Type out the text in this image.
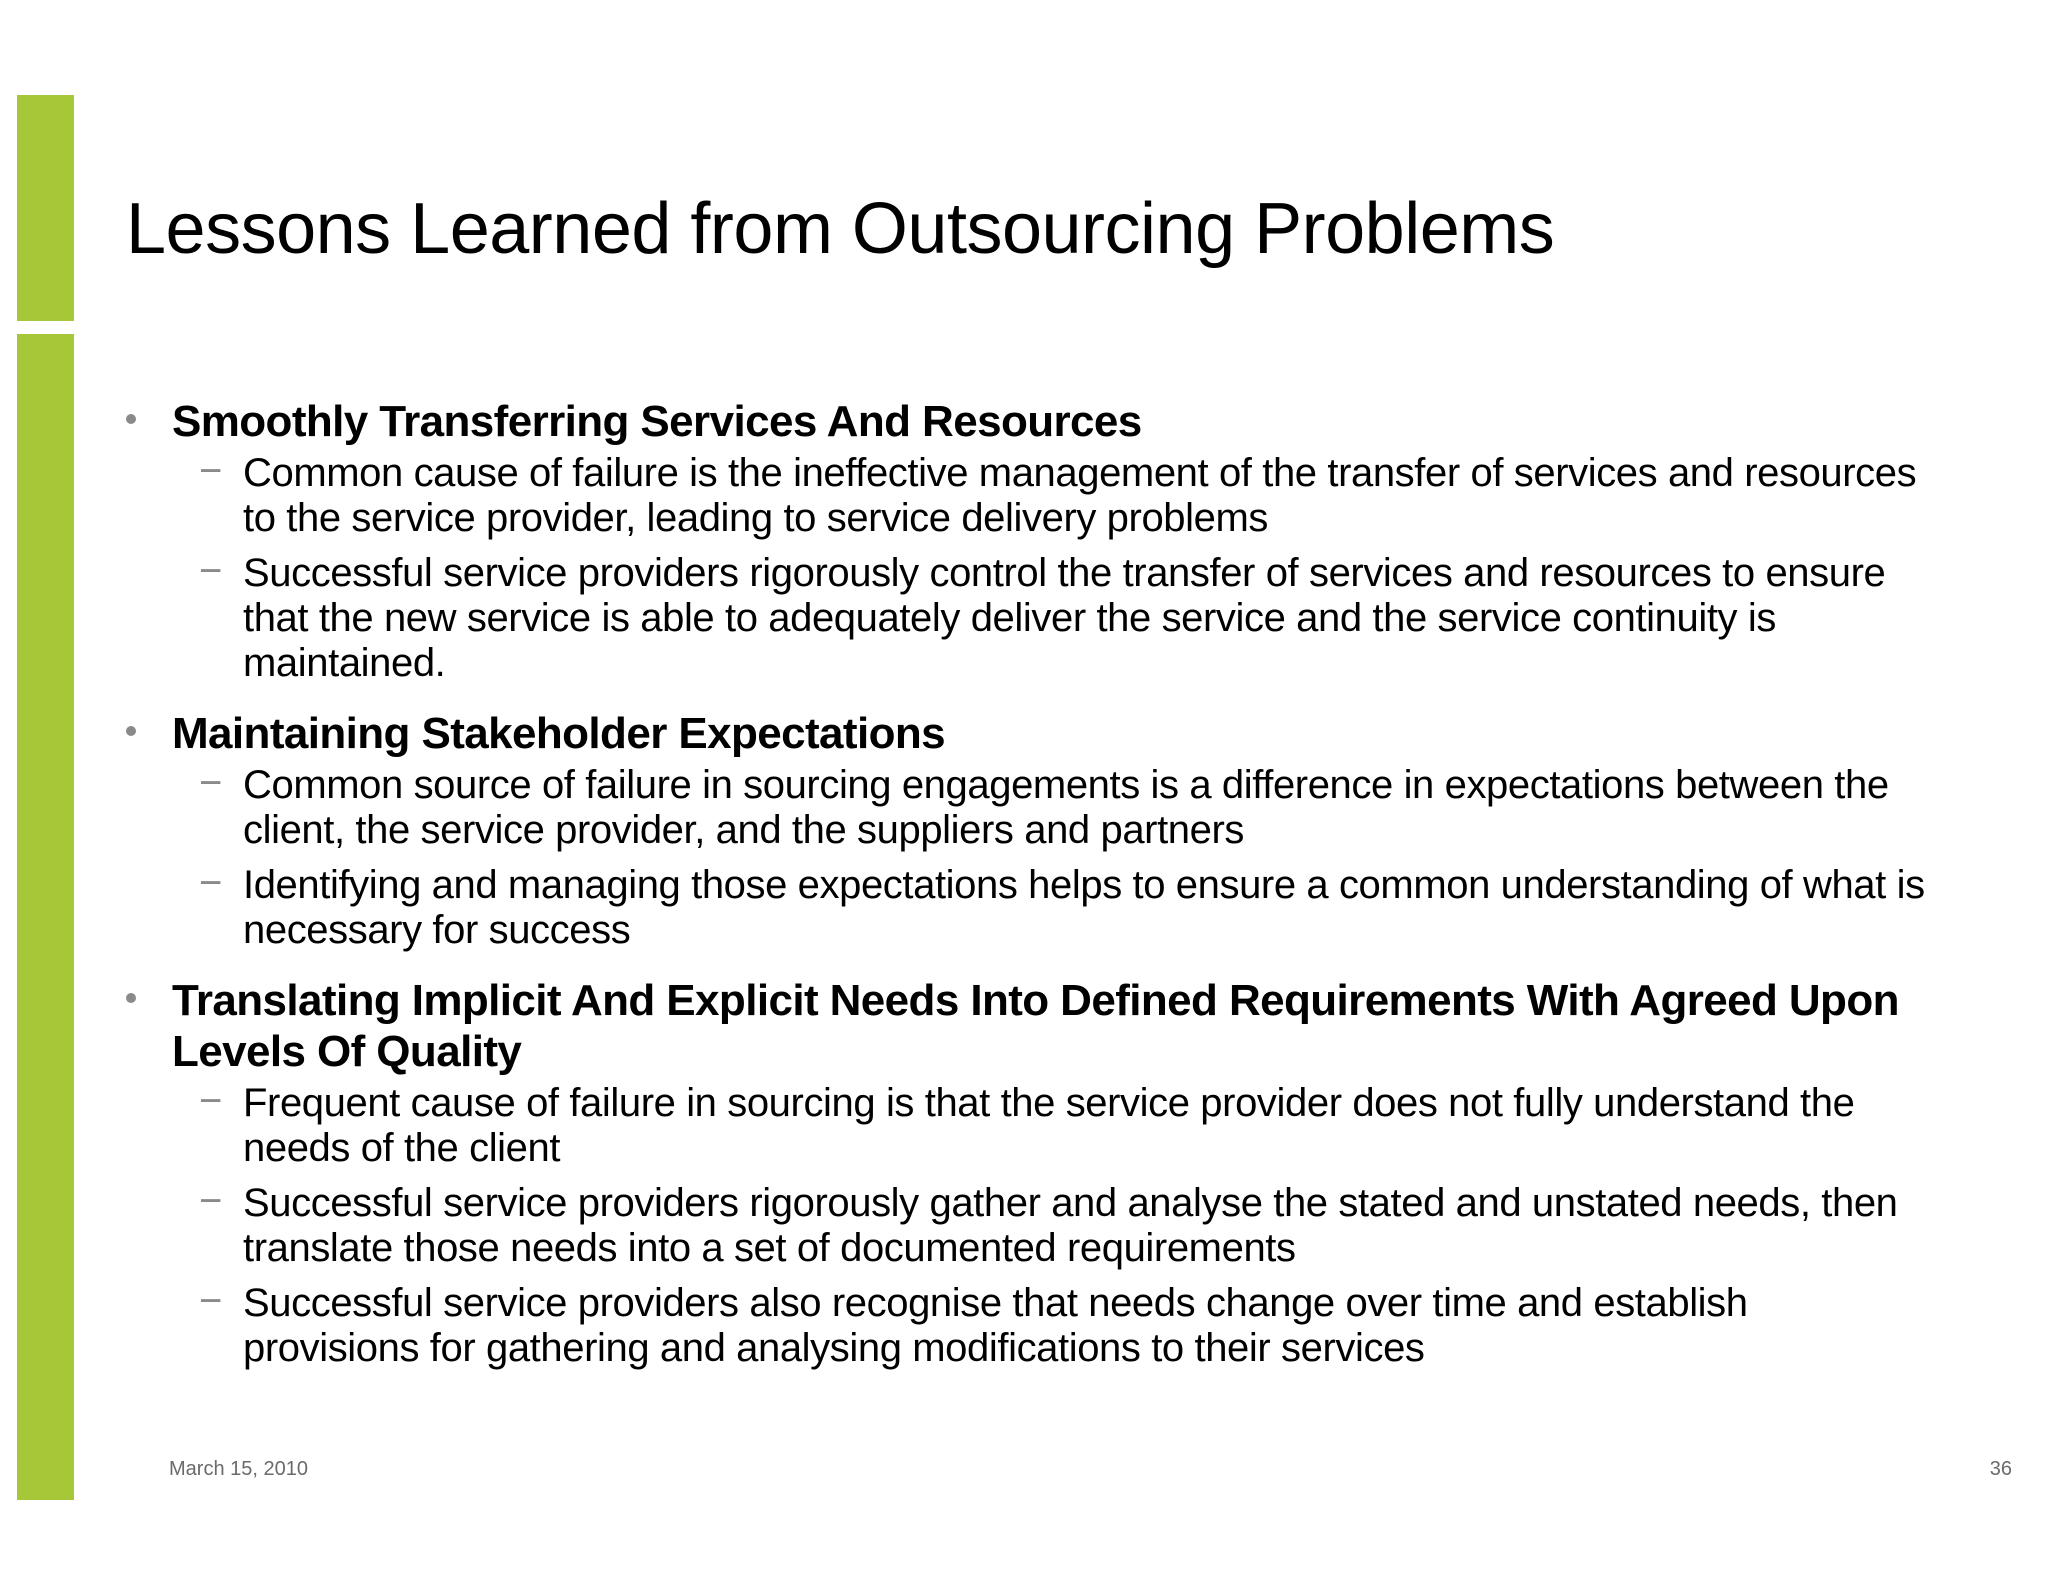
Lessons Learned from Outsourcing Problems

Smoothly Transferring Services And Resources

− Common cause of failure is the ineffective management of the transfer of services and resources to the service provider, leading to service delivery problems
− Successful service providers rigorously control the transfer of services and resources to ensure that the new service is able to adequately deliver the service and the service continuity is maintained.

Maintaining Stakeholder Expectations

− Common source of failure in sourcing engagements is a difference in expectations between the client, the service provider, and the suppliers and partners
− Identifying and managing those expectations helps to ensure a common understanding of what is necessary for success

Translating Implicit And Explicit Needs Into Defined Requirements With Agreed Upon Levels Of Quality

− Frequent cause of failure in sourcing is that the service provider does not fully understand the needs of the client
− Successful service providers rigorously gather and analyse the stated and unstated needs, then translate those needs into a set of documented requirements
− Successful service providers also recognise that needs change over time and establish provisions for gathering and analysing modifications to their services
March 15, 2010	36
